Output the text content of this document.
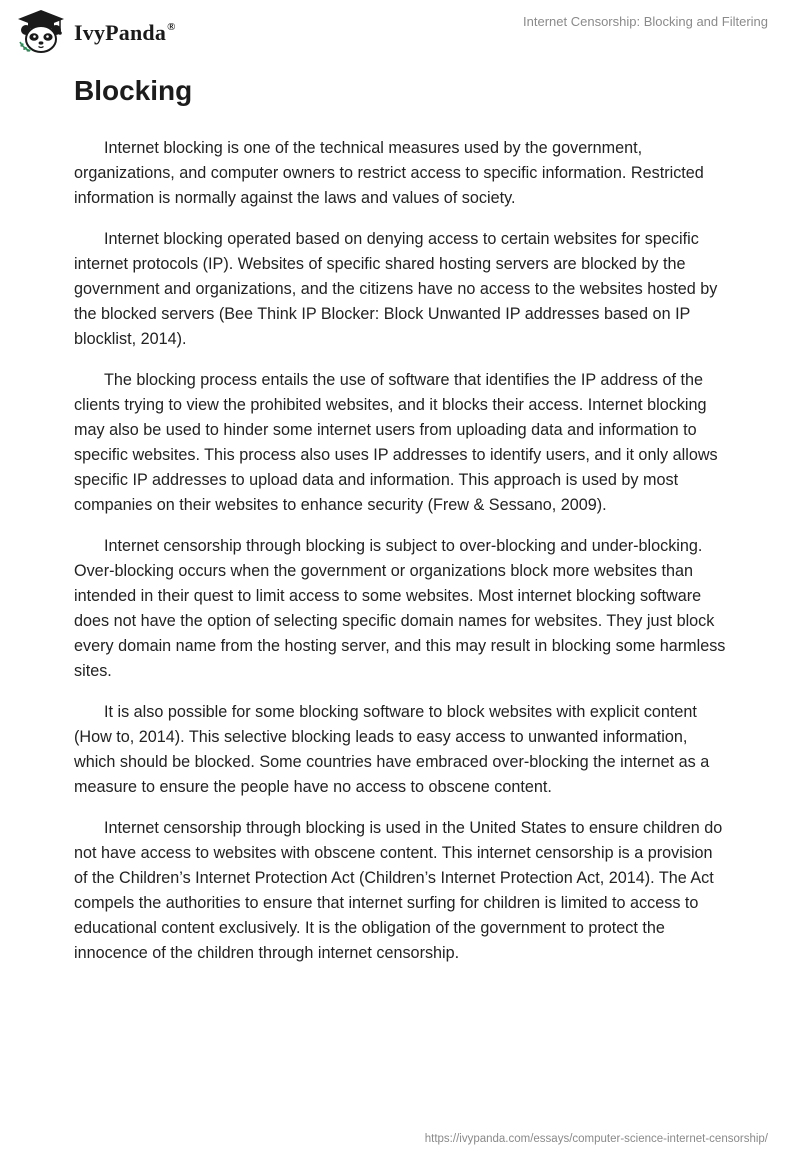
IvyPanda®	Internet Censorship: Blocking and Filtering
Blocking

Internet blocking is one of the technical measures used by the government, organizations, and computer owners to restrict access to specific information. Restricted information is normally against the laws and values of society.

Internet blocking operated based on denying access to certain websites for specific internet protocols (IP). Websites of specific shared hosting servers are blocked by the government and organizations, and the citizens have no access to the websites hosted by the blocked servers (Bee Think IP Blocker: Block Unwanted IP addresses based on IP blocklist, 2014).

The blocking process entails the use of software that identifies the IP address of the clients trying to view the prohibited websites, and it blocks their access. Internet blocking may also be used to hinder some internet users from uploading data and information to specific websites. This process also uses IP addresses to identify users, and it only allows specific IP addresses to upload data and information. This approach is used by most companies on their websites to enhance security (Frew & Sessano, 2009).

Internet censorship through blocking is subject to over-blocking and under-blocking. Over-blocking occurs when the government or organizations block more websites than intended in their quest to limit access to some websites. Most internet blocking software does not have the option of selecting specific domain names for websites. They just block every domain name from the hosting server, and this may result in blocking some harmless sites.

It is also possible for some blocking software to block websites with explicit content (How to, 2014). This selective blocking leads to easy access to unwanted information, which should be blocked. Some countries have embraced over-blocking the internet as a measure to ensure the people have no access to obscene content.

Internet censorship through blocking is used in the United States to ensure children do not have access to websites with obscene content. This internet censorship is a provision of the Children’s Internet Protection Act (Children’s Internet Protection Act, 2014). The Act compels the authorities to ensure that internet surfing for children is limited to access to educational content exclusively. It is the obligation of the government to protect the innocence of the children through internet censorship.

https://ivypanda.com/essays/computer-science-internet-censorship/
